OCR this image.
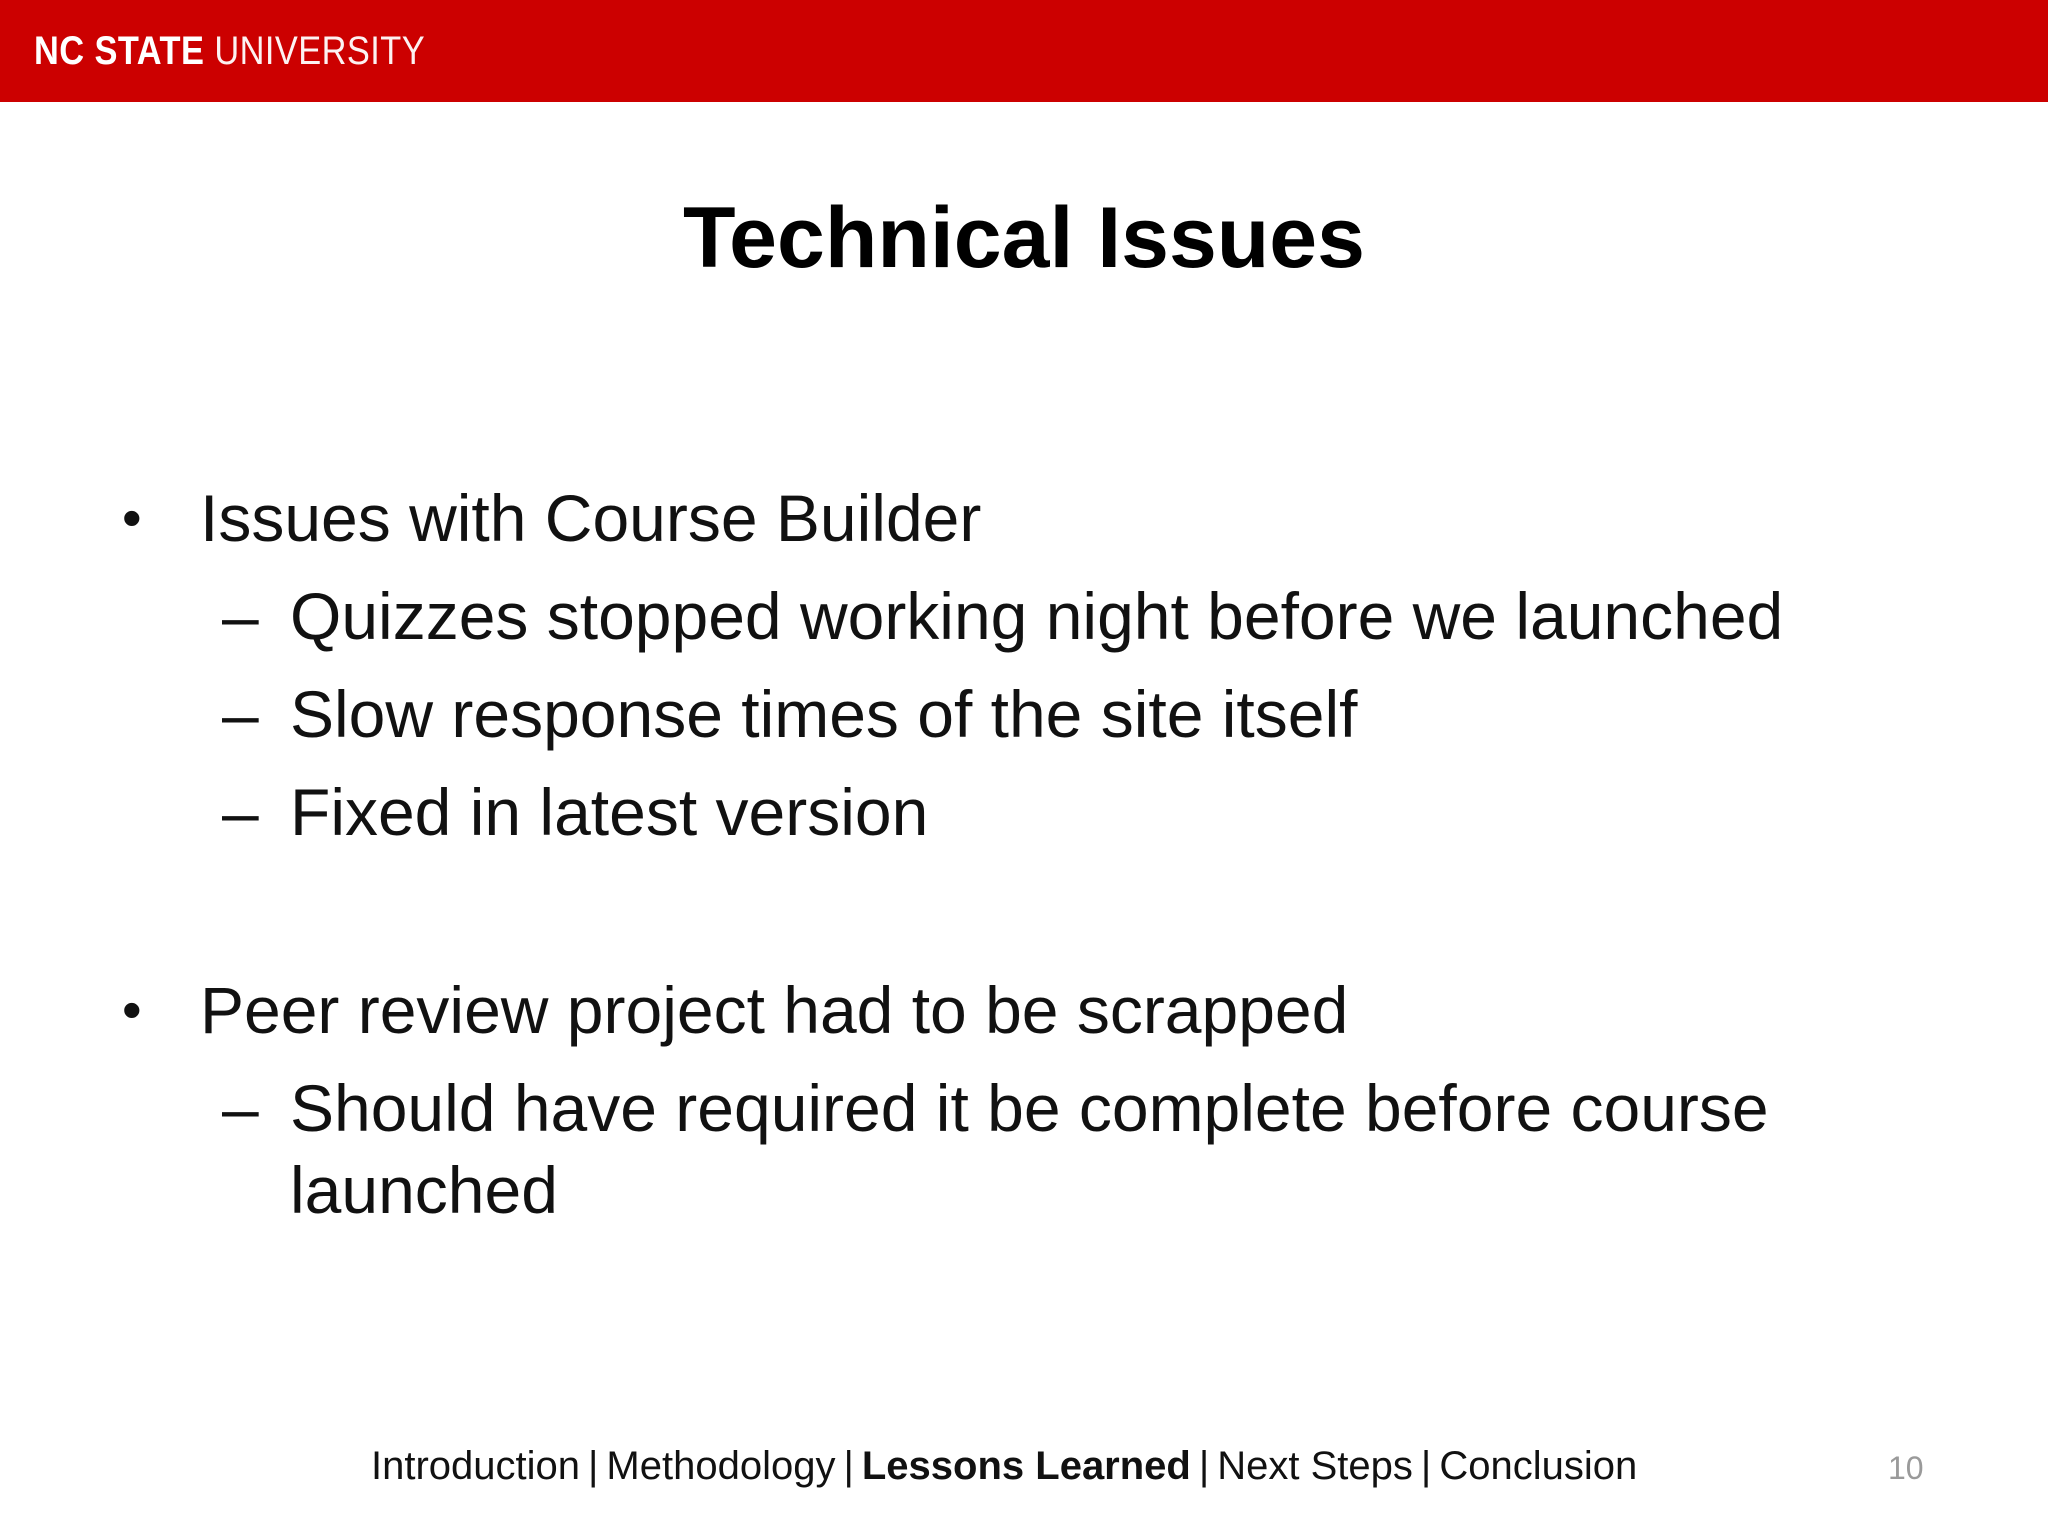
NC STATE UNIVERSITY
Technical Issues
• Issues with Course Builder
– Quizzes stopped working night before we launched
– Slow response times of the site itself
– Fixed in latest version
• Peer review project had to be scrapped
– Should have required it be complete before course
launched
Introduction | Methodology | Lessons Learned | Next Steps | Conclusion	10
